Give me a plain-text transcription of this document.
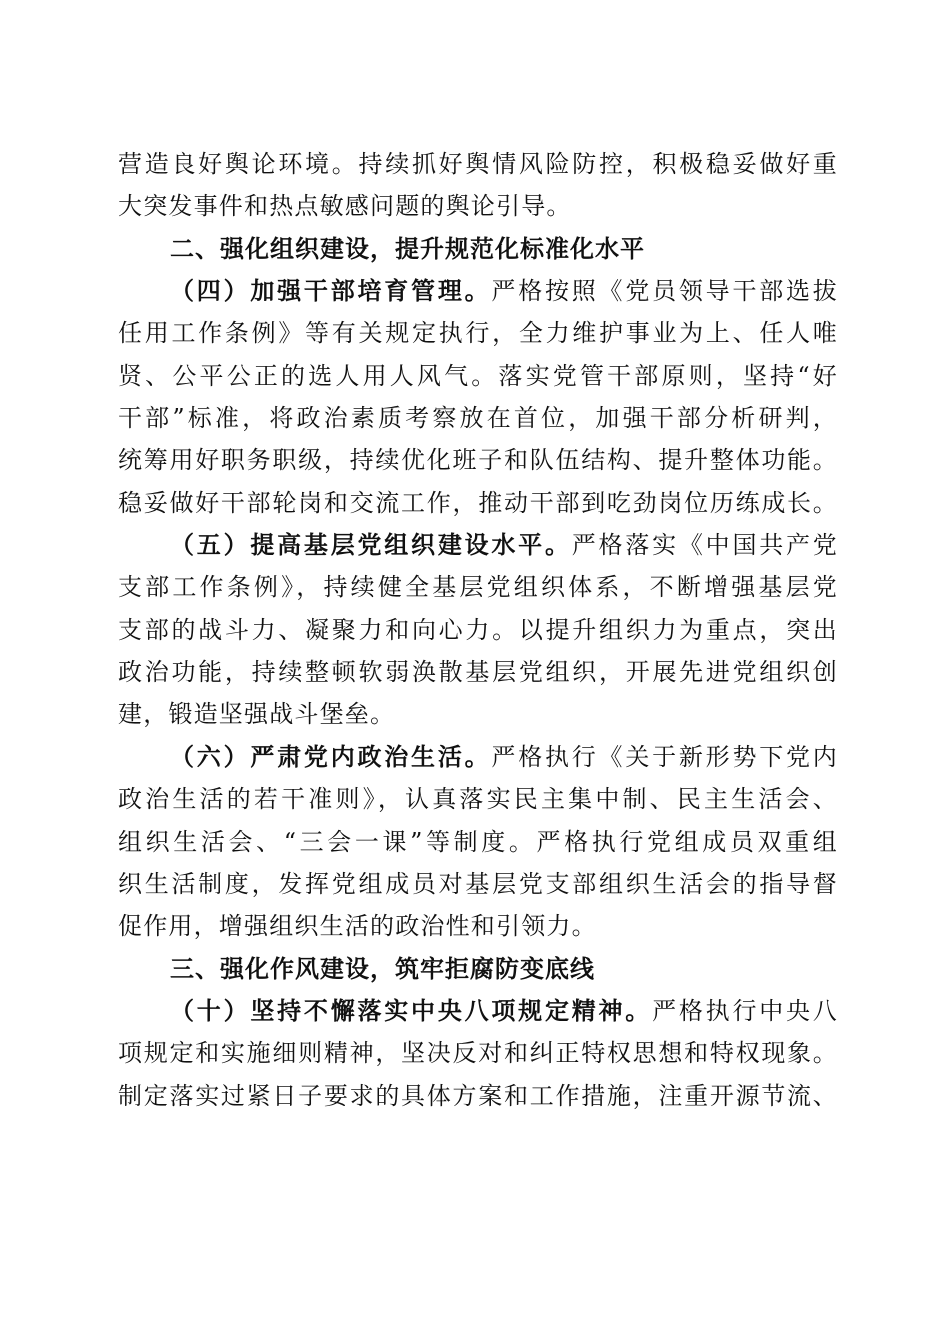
营造良好舆论环境。持续抓好舆情风险防控，积极稳妥做好重
大突发事件和热点敏感问题的舆论引导。
二、强化组织建设，提升规范化标准化水平
（四）加强干部培育管理。严格按照《党员领导干部选拔
任用工作条例》等有关规定执行，全力维护事业为上、任人唯
贤、公平公正的选人用人风气。落实党管干部原则，坚持“好
干部”标准，将政治素质考察放在首位，加强干部分析研判，
统筹用好职务职级，持续优化班子和队伍结构、提升整体功能。
稳妥做好干部轮岗和交流工作，推动干部到吃劲岗位历练成长。
（五）提高基层党组织建设水平。严格落实《中国共产党
支部工作条例》，持续健全基层党组织体系，不断增强基层党
支部的战斗力、凝聚力和向心力。以提升组织力为重点，突出
政治功能，持续整顿软弱涣散基层党组织，开展先进党组织创
建，锻造坚强战斗堡垒。
（六）严肃党内政治生活。严格执行《关于新形势下党内
政治生活的若干准则》，认真落实民主集中制、民主生活会、
组织生活会、“三会一课”等制度。严格执行党组成员双重组
织生活制度，发挥党组成员对基层党支部组织生活会的指导督
促作用，增强组织生活的政治性和引领力。
三、强化作风建设，筑牢拒腐防变底线
（十）坚持不懈落实中央八项规定精神。严格执行中央八
项规定和实施细则精神，坚决反对和纠正特权思想和特权现象。
制定落实过紧日子要求的具体方案和工作措施，注重开源节流、
